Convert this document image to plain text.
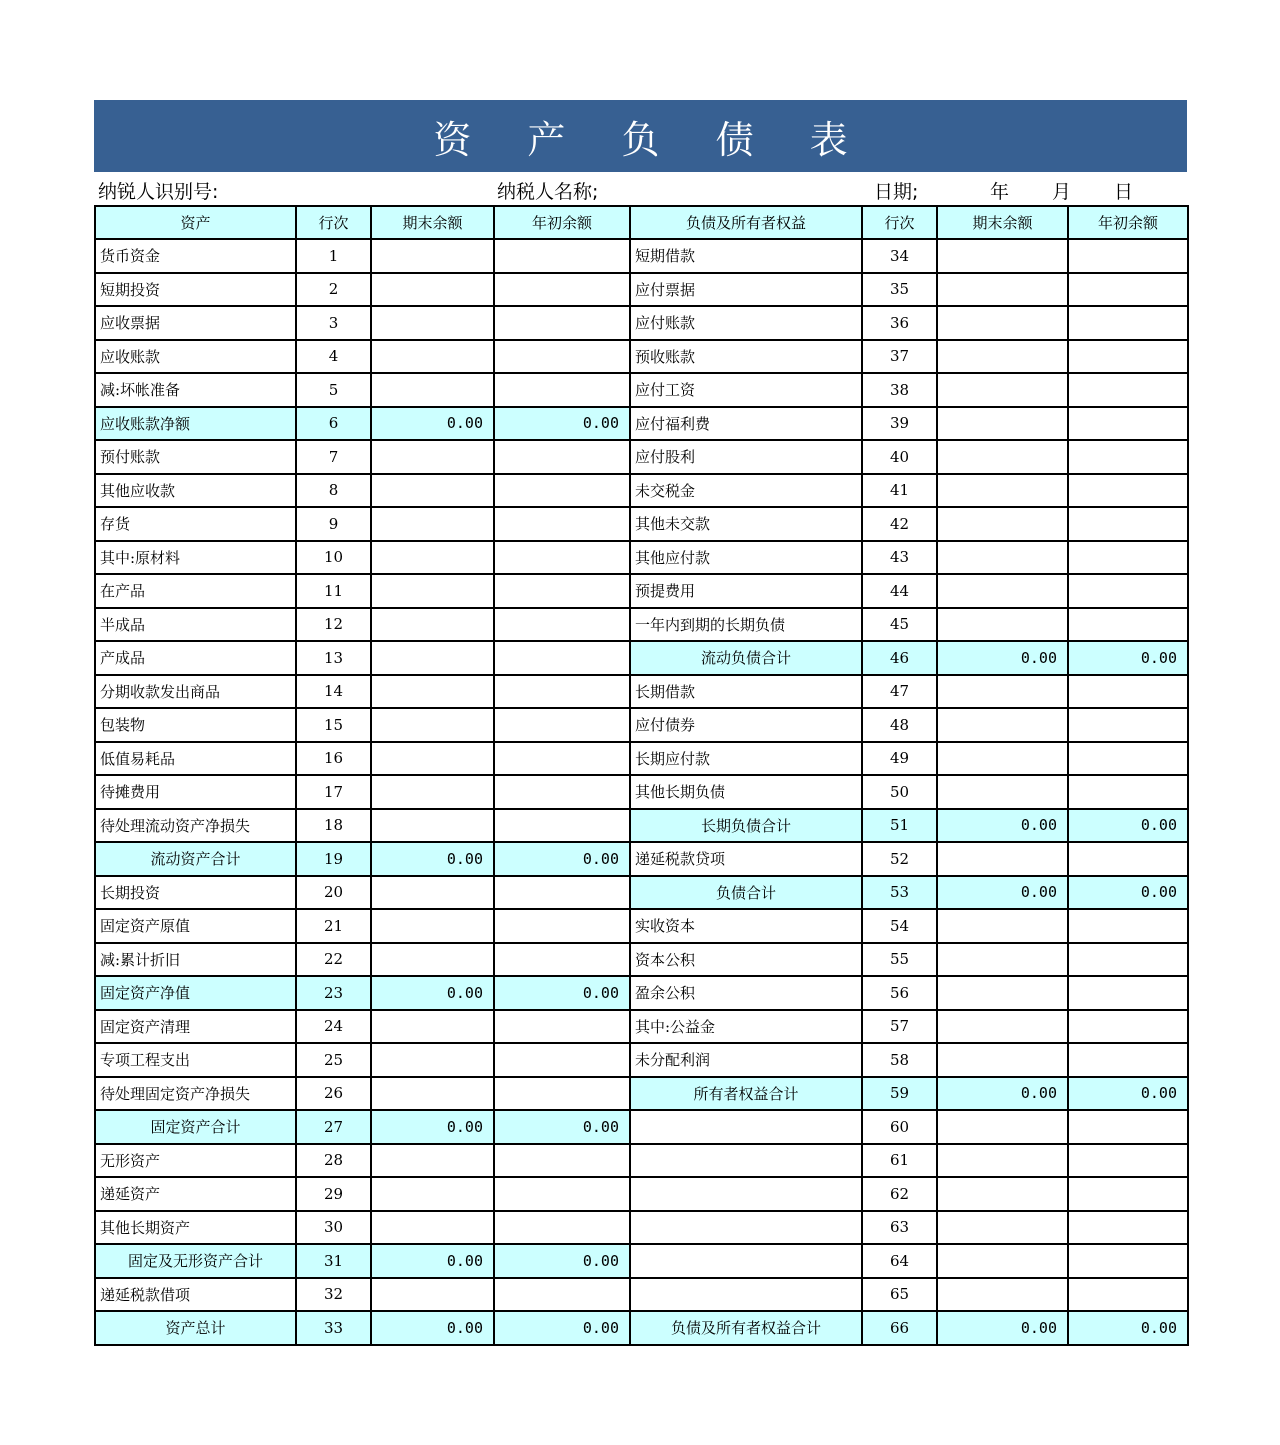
资 产 负 债 表
纳锐人识别号:	纳税人名称;	日期;	年 月 日
资产	行次	期末余额	年初余额	负债及所有者权益	行次	期末余额	年初余额
货币资金	1			短期借款	34		
短期投资	2			应付票据	35		
应收票据	3			应付账款	36		
应收账款	4			预收账款	37		
减:坏帐准备	5			应付工资	38		
应收账款净额	6	0.00	0.00	应付福利费	39		
预付账款	7			应付股利	40		
其他应收款	8			未交税金	41		
存货	9			其他未交款	42		
其中:原材料	10			其他应付款	43		
在产品	11			预提费用	44		
半成品	12			一年内到期的长期负债	45		
产成品	13			流动负债合计	46	0.00	0.00
分期收款发出商品	14			长期借款	47		
包装物	15			应付债券	48		
低值易耗品	16			长期应付款	49		
待摊费用	17			其他长期负债	50		
待处理流动资产净损失	18			长期负债合计	51	0.00	0.00
流动资产合计	19	0.00	0.00	递延税款贷项	52		
长期投资	20			负债合计	53	0.00	0.00
固定资产原值	21			实收资本	54		
减:累计折旧	22			资本公积	55		
固定资产净值	23	0.00	0.00	盈余公积	56		
固定资产清理	24			其中:公益金	57		
专项工程支出	25			未分配利润	58		
待处理固定资产净损失	26			所有者权益合计	59	0.00	0.00
固定资产合计	27	0.00	0.00		60		
无形资产	28				61		
递延资产	29				62		
其他长期资产	30				63		
固定及无形资产合计	31	0.00	0.00		64		
递延税款借项	32				65		
资产总计	33	0.00	0.00	负债及所有者权益合计	66	0.00	0.00
